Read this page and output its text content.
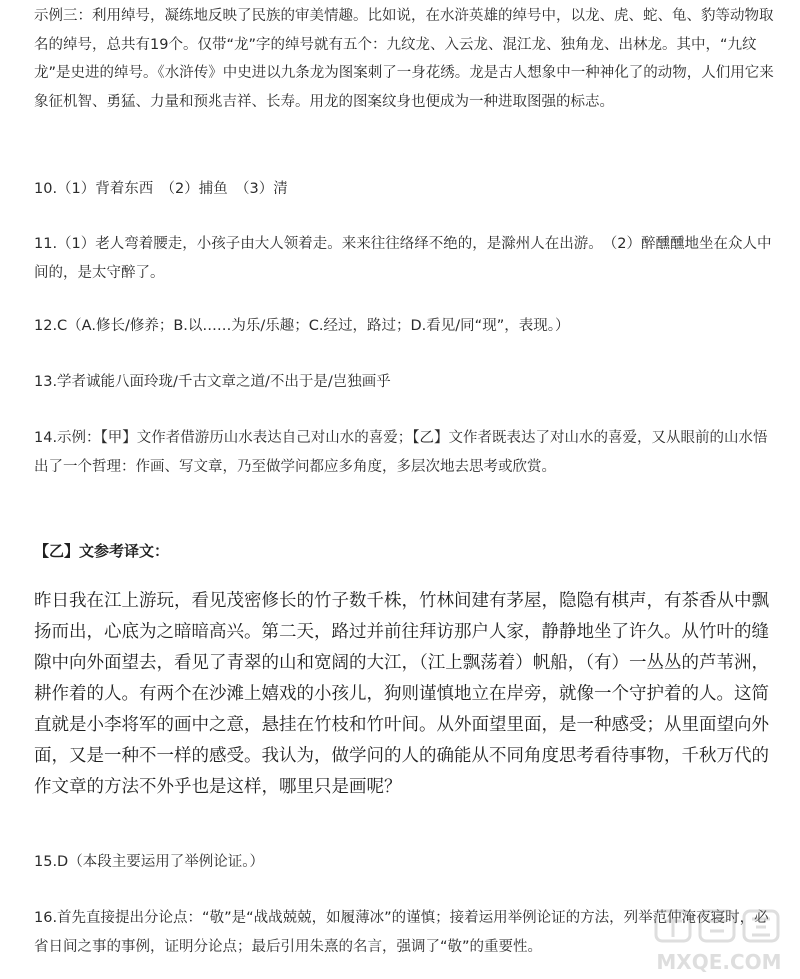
示例三：利用绰号，凝练地反映了民族的审美情趣。比如说，在水浒英雄的绰号中，以龙、虎、蛇、龟、豹等动物取名的绰号，总共有19个。仅带“龙”字的绰号就有五个：九纹龙、入云龙、混江龙、独角龙、出林龙。其中，“九纹龙”是史进的绰号。《水浒传》中史进以九条龙为图案刺了一身花绣。龙是古人想象中一种神化了的动物，人们用它来象征机智、勇猛、力量和预兆吉祥、长寿。用龙的图案纹身也便成为一种进取图强的标志。

10.（1）背着东西　（2）捕鱼　（3）清

11.（1）老人弯着腰走，小孩子由大人领着走。来来往往络绎不绝的，是滁州人在出游。　（2）醉醺醺地坐在众人中间的，是太守醉了。

12.C（A.修长/修养；B.以……为乐/乐趣；C.经过，路过；D.看见/同“现”，表现。）

13.学者诚能八面玲珑/千古文章之道/不出于是/岂独画乎

14.示例：【甲】文作者借游历山水表达自己对山水的喜爱；【乙】文作者既表达了对山水的喜爱，又从眼前的山水悟出了一个哲理：作画、写文章，乃至做学问都应多角度，多层次地去思考或欣赏。

【乙】文参考译文：

昨日我在江上游玩，看见茂密修长的竹子数千株，竹林间建有茅屋，隐隐有棋声，有茶香从中飘扬而出，心底为之暗暗高兴。第二天，路过并前往拜访那户人家，静静地坐了许久。从竹叶的缝隙中向外面望去，看见了青翠的山和宽阔的大江，（江上飘荡着）帆船，（有）一丛丛的芦苇洲，耕作着的人。有两个在沙滩上嬉戏的小孩儿，狗则谨慎地立在岸旁，就像一个守护着的人。这简直就是小李将军的画中之意，悬挂在竹枝和竹叶间。从外面望里面，是一种感受；从里面望向外面，又是一种不一样的感受。我认为，做学问的人的确能从不同角度思考看待事物，千秋万代的作文章的方法不外乎也是这样，哪里只是画呢？

15.D（本段主要运用了举例论证。）

16.首先直接提出分论点：“敬”是“战战兢兢，如履薄冰”的谨慎；接着运用举例论证的方法，列举范仲淹夜寝时，必省日间之事的事例，证明分论点；最后引用朱熹的名言，强调了“敬”的重要性。

MXQE.COM
